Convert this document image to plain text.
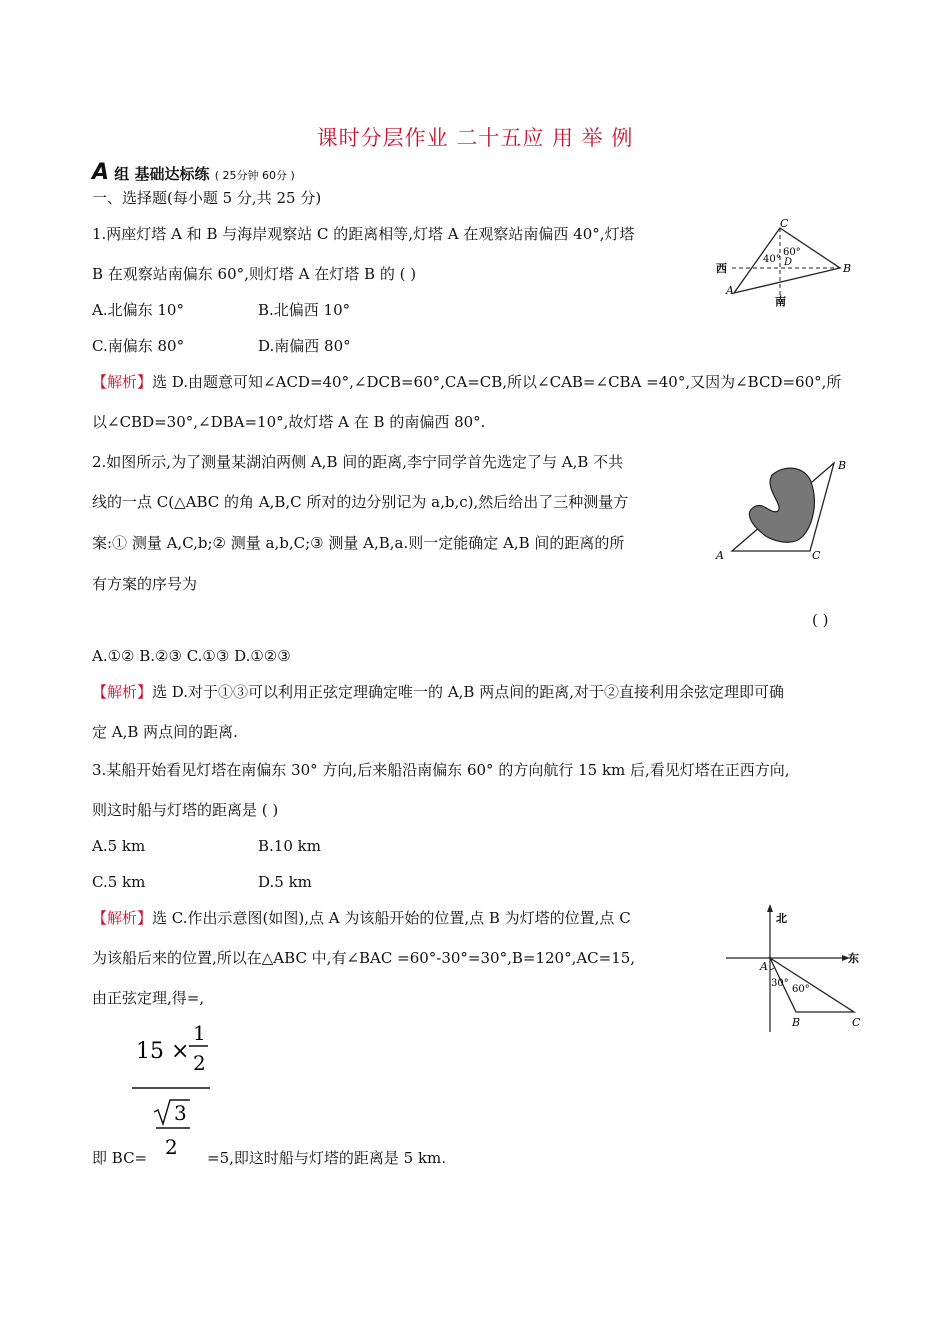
课时分层作业 二十五应 用 举 例
A 组 基础达标练 ( 25分钟 60分 )
一、选择题(每小题 5 分,共 25 分)
1.两座灯塔 A 和 B 与海岸观察站 C 的距离相等,灯塔 A 在观察站南偏西 40°,灯塔
B 在观察站南偏东 60°,则灯塔 A 在灯塔 B 的 ( )
A.北偏东 10°	B.北偏西 10°
C.南偏东 80°	D.南偏西 80°
【解析】选 D.由题意可知∠ACD=40°,∠DCB=60°,CA=CB,所以∠CAB=∠CBA =40°,又因为∠BCD=60°,所
以∠CBD=30°,∠DBA=10°,故灯塔 A 在 B 的南偏西 80°.
C
B
A
D
西
南
40°
60°
2.如图所示,为了测量某湖泊两侧 A,B 间的距离,李宁同学首先选定了与 A,B 不共
线的一点 C(△ABC 的角 A,B,C 所对的边分别记为 a,b,c),然后给出了三种测量方
案:① 测量 A,C,b;② 测量 a,b,C;③ 测量 A,B,a.则一定能确定 A,B 间的距离的所
有方案的序号为
( )
A.①② B.②③ C.①③ D.①②③
【解析】选 D.对于①③可以利用正弦定理确定唯一的 A,B 两点间的距离,对于②直接利用余弦定理即可确
定 A,B 两点间的距离.
A
B
C
3.某船开始看见灯塔在南偏东 30° 方向,后来船沿南偏东 60° 的方向航行 15 km 后,看见灯塔在正西方向,
则这时船与灯塔的距离是 ( )
A.5 km	B.10 km
C.5 km	D.5 km
【解析】选 C.作出示意图(如图),点 A 为该船开始的位置,点 B 为灯塔的位置,点 C
为该船后来的位置,所以在△ABC 中,有∠BAC =60°-30°=30°,B=120°,AC=15,
由正弦定理,得=,
15 ×
1
2
3
2
即 BC=	=5,即这时船与灯塔的距离是 5 km.
北
东
A
B	C
30°
60°
